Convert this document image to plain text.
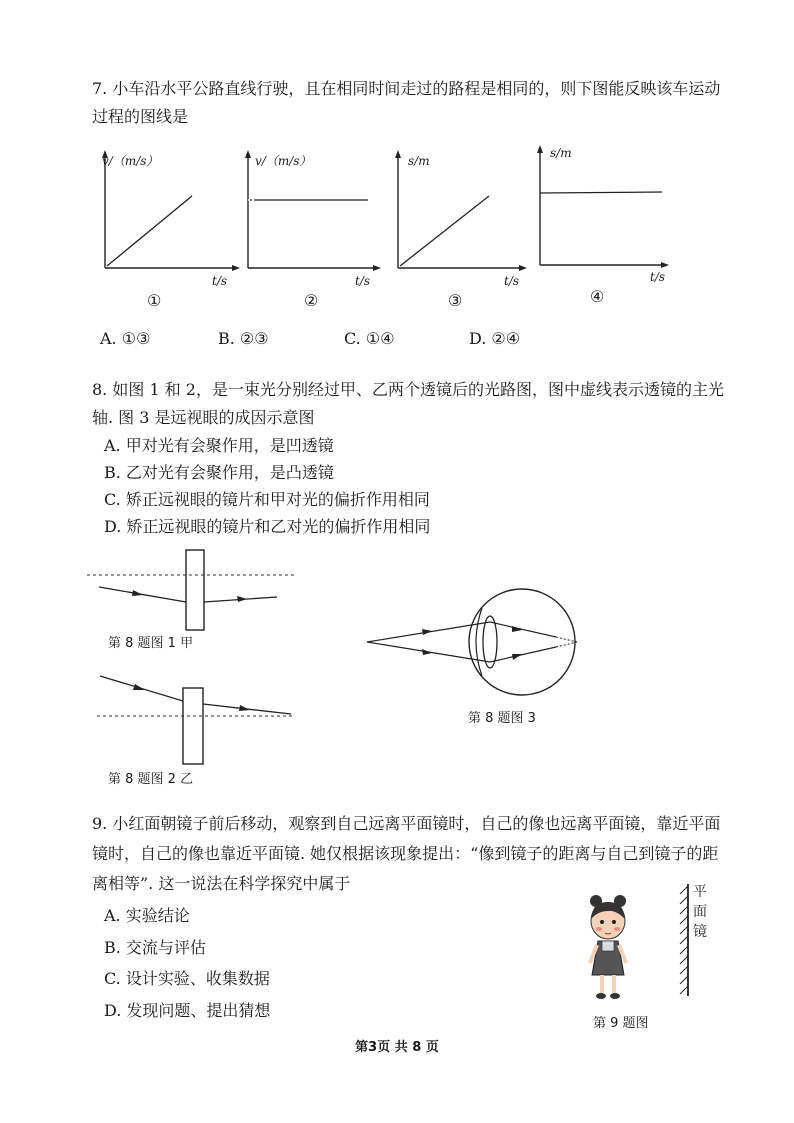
7. 小车沿水平公路直线行驶，且在相同时间走过的路程是相同的，则下图能反映该车运动
过程的图线是
v/（m/s）
t/s
①
v/（m/s）
t/s
②
s/m
t/s
③
s/m
t/s
④
A. ①③	B. ②③	C. ①④	D. ②④
8. 如图 1 和 2，是一束光分别经过甲、乙两个透镜后的光路图，图中虚线表示透镜的主光
轴. 图 3 是远视眼的成因示意图
A. 甲对光有会聚作用，是凹透镜
B. 乙对光有会聚作用，是凸透镜
C. 矫正远视眼的镜片和甲对光的偏折作用相同
D. 矫正远视眼的镜片和乙对光的偏折作用相同
第 8 题图 1 甲
第 8 题图 2 乙
第 8 题图 3
9. 小红面朝镜子前后移动，观察到自己远离平面镜时，自己的像也远离平面镜，靠近平面
镜时，自己的像也靠近平面镜. 她仅根据该现象提出：“像到镜子的距离与自己到镜子的距
离相等”. 这一说法在科学探究中属于
A. 实验结论
B. 交流与评估
C. 设计实验、收集数据
D. 发现问题、提出猜想
平
面
镜
第 9 题图
第3页 共 8 页
